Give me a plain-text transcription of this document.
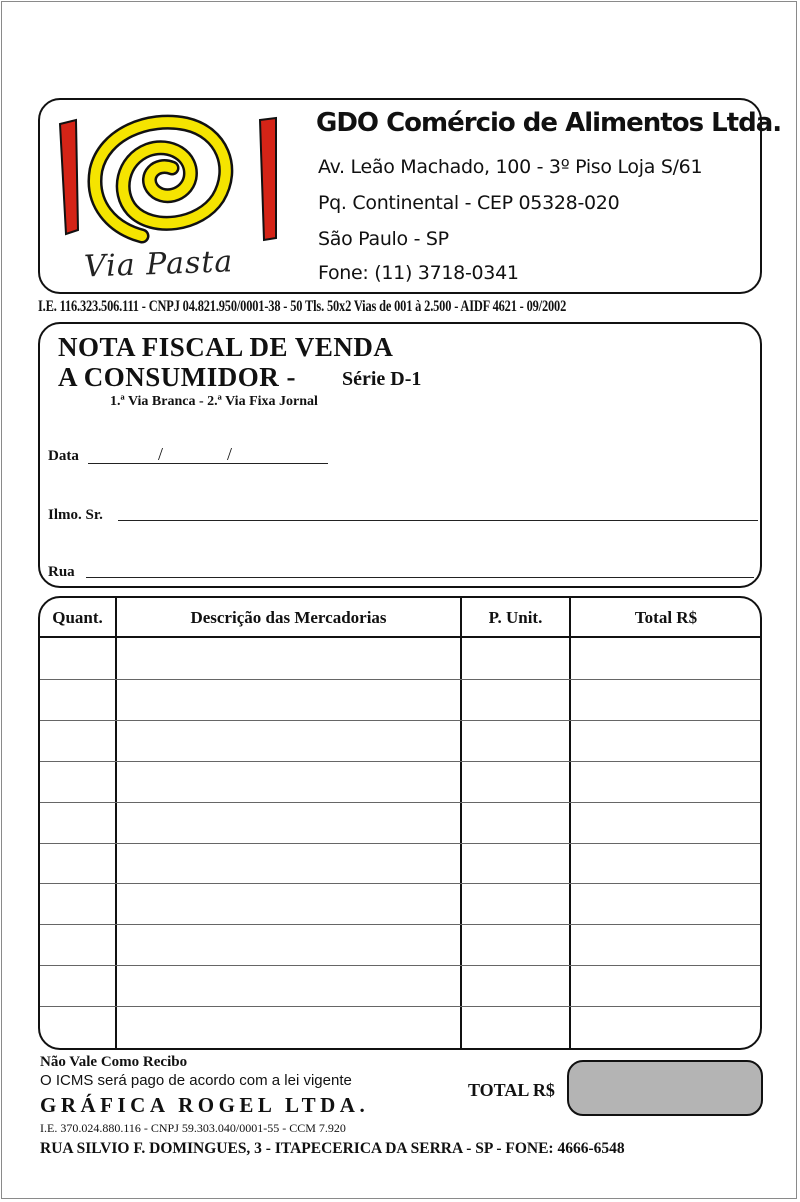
Via Pasta
GDO Comércio de Alimentos Ltda.
Av. Leão Machado, 100 - 3º Piso Loja S/61
Pq. Continental - CEP 05328-020
São Paulo - SP
Fone: (11) 3718-0341
I.E. 116.323.506.111 - CNPJ 04.821.950/0001-38 - 50 Tls. 50x2 Vias de 001 à 2.500 - AIDF 4621 - 09/2002
NOTA FISCAL DE VENDA
A CONSUMIDOR - Série D-1
1.ª Via Branca - 2.ª Via Fixa Jornal
Data	/	/
Ilmo. Sr.
Rua
Quant.	Descrição das Mercadorias	P. Unit.	Total R$
Não Vale Como Recibo
O ICMS será pago de acordo com a lei vigente
GRÁFICA ROGEL LTDA.
I.E. 370.024.880.116 - CNPJ 59.303.040/0001-55 - CCM 7.920
RUA SILVIO F. DOMINGUES, 3 - ITAPECERICA DA SERRA - SP - FONE: 4666-6548
TOTAL R$
